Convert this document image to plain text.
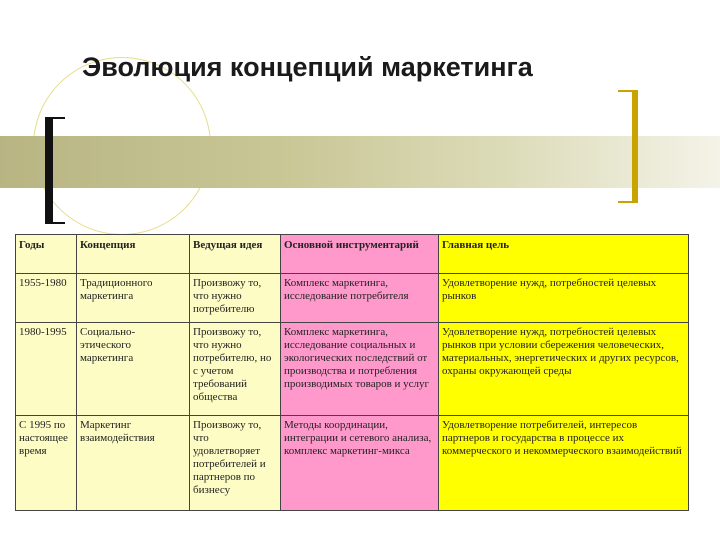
Эволюция концепций маркетинга
Годы	Концепция	Ведущая идея	Основной инструментарий	Главная цель
1955-1980	Традиционного маркетинга	Произвожу то, что нужно потребителю	Комплекс маркетинга, исследование потребителя	Удовлетворение нужд, потребностей целевых рынков
1980-1995	Социально-этического маркетинга	Произвожу то, что нужно потребителю, но с учетом требований общества	Комплекс маркетинга, исследование социальных и экологических последствий от производства и потребления производимых товаров и услуг	Удовлетворение нужд, потребностей целевых рынков при условии сбережения человеческих, материальных, энергетических и других ресурсов, охраны окружающей среды
С 1995 по настоящее время	Маркетинг взаимодействия	Произвожу то, что удовлетворяет потребителей и партнеров по бизнесу	Методы координации, интеграции и сетевого анализа, комплекс маркетинг-микса	Удовлетворение потребителей, интересов партнеров и государства в процессе их коммерческого и некоммерческого взаимодействий
